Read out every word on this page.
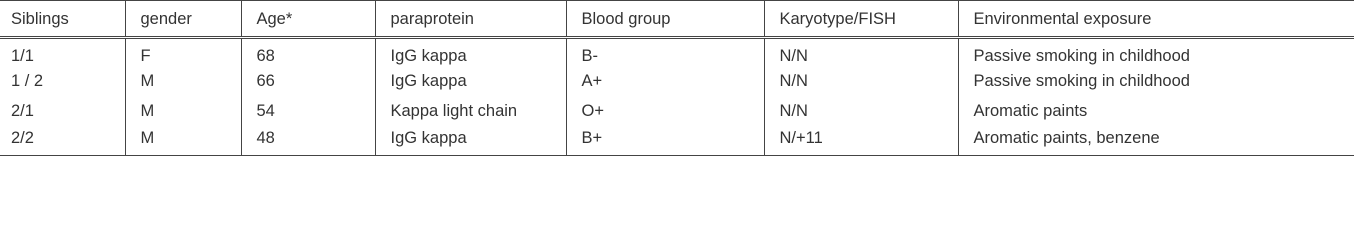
Siblings	gender	Age*	paraprotein	Blood group	Karyotype/FISH	Environmental exposure
1/1	F	68	IgG kappa	B-	N/N	Passive smoking in childhood
1 / 2	M	66	IgG kappa	A+	N/N	Passive smoking in childhood
2/1	M	54	Kappa light chain	O+	N/N	Aromatic paints
2/2	M	48	IgG kappa	B+	N/+11	Aromatic paints, benzene
